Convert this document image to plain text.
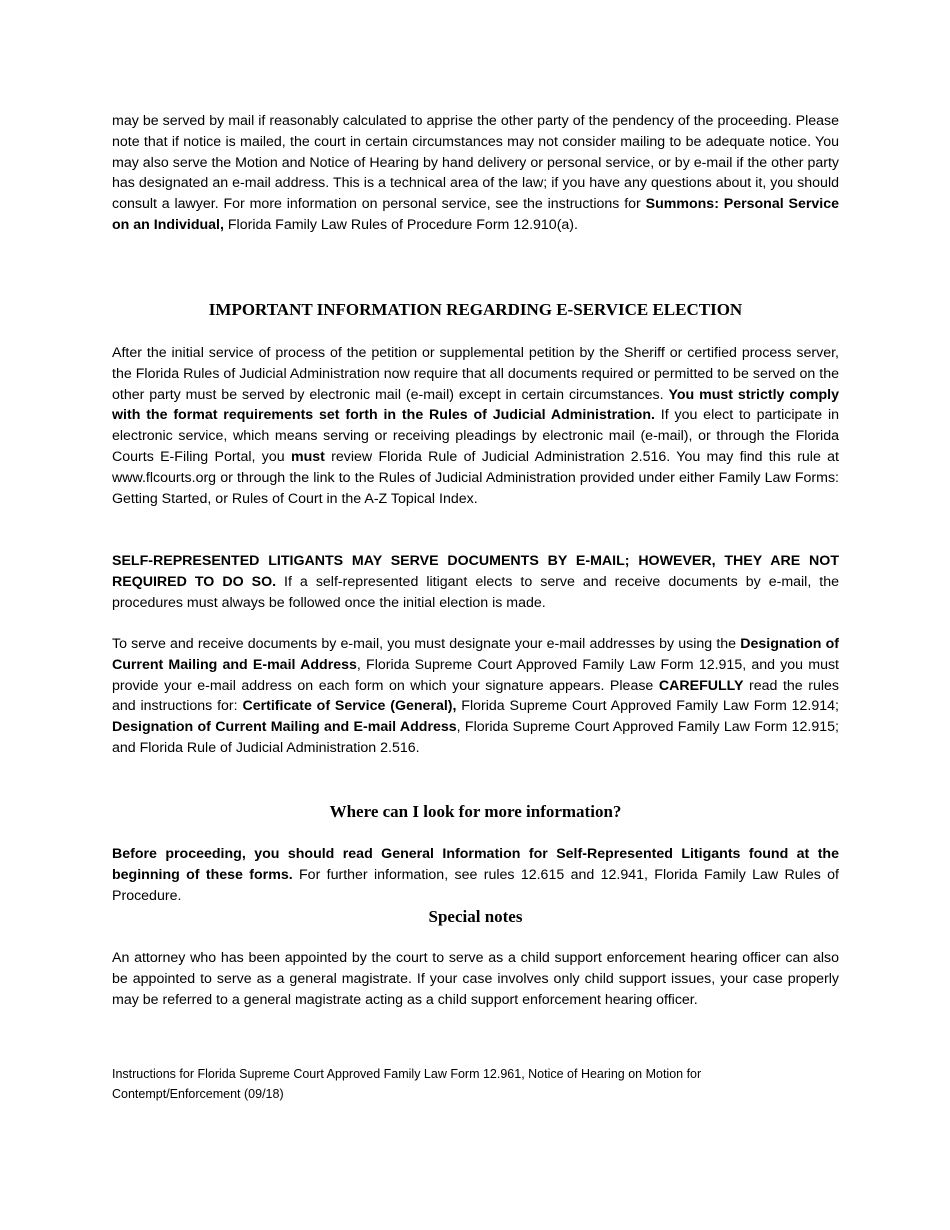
may be served by mail if reasonably calculated to apprise the other party of the pendency of the proceeding. Please note that if notice is mailed, the court in certain circumstances may not consider mailing to be adequate notice. You may also serve the Motion and Notice of Hearing by hand delivery or personal service, or by e-mail if the other party has designated an e-mail address. This is a technical area of the law; if you have any questions about it, you should consult a lawyer. For more information on personal service, see the instructions for Summons: Personal Service on an Individual, Florida Family Law Rules of Procedure Form 12.910(a).
IMPORTANT INFORMATION REGARDING E-SERVICE ELECTION
After the initial service of process of the petition or supplemental petition by the Sheriff or certified process server, the Florida Rules of Judicial Administration now require that all documents required or permitted to be served on the other party must be served by electronic mail (e-mail) except in certain circumstances. You must strictly comply with the format requirements set forth in the Rules of Judicial Administration. If you elect to participate in electronic service, which means serving or receiving pleadings by electronic mail (e-mail), or through the Florida Courts E-Filing Portal, you must review Florida Rule of Judicial Administration 2.516. You may find this rule at www.flcourts.org or through the link to the Rules of Judicial Administration provided under either Family Law Forms: Getting Started, or Rules of Court in the A-Z Topical Index.
SELF-REPRESENTED LITIGANTS MAY SERVE DOCUMENTS BY E-MAIL; HOWEVER, THEY ARE NOT REQUIRED TO DO SO. If a self-represented litigant elects to serve and receive documents by e-mail, the procedures must always be followed once the initial election is made.
To serve and receive documents by e-mail, you must designate your e-mail addresses by using the Designation of Current Mailing and E-mail Address, Florida Supreme Court Approved Family Law Form 12.915, and you must provide your e-mail address on each form on which your signature appears. Please CAREFULLY read the rules and instructions for: Certificate of Service (General), Florida Supreme Court Approved Family Law Form 12.914; Designation of Current Mailing and E-mail Address, Florida Supreme Court Approved Family Law Form 12.915; and Florida Rule of Judicial Administration 2.516.
Where can I look for more information?
Before proceeding, you should read General Information for Self-Represented Litigants found at the beginning of these forms. For further information, see rules 12.615 and 12.941, Florida Family Law Rules of Procedure.
Special notes
An attorney who has been appointed by the court to serve as a child support enforcement hearing officer can also be appointed to serve as a general magistrate. If your case involves only child support issues, your case properly may be referred to a general magistrate acting as a child support enforcement hearing officer.
Instructions for Florida Supreme Court Approved Family Law Form 12.961, Notice of Hearing on Motion for
Contempt/Enforcement (09/18)
